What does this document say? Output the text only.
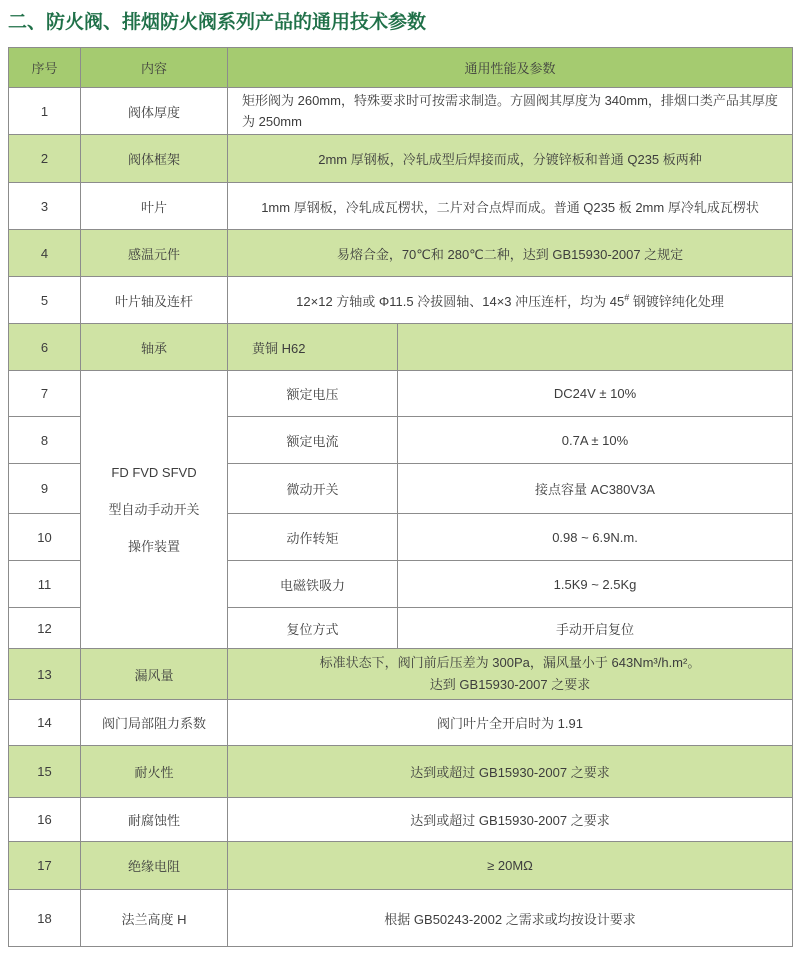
二、防火阀、排烟防火阀系列产品的通用技术参数
序号	内容	通用性能及参数	
1	阀体厚度	矩形阀为 260mm，特殊要求时可按需求制造。方圆阀其厚度为 340mm，排烟口类产品其厚度为 250mm	
2	阀体框架	2mm 厚钢板，冷轧成型后焊接而成，分镀锌板和普通 Q235 板两种	
3	叶片	1mm 厚钢板，冷轧成瓦楞状，二片对合点焊而成。普通 Q235 板 2mm 厚冷轧成瓦楞状	
4	感温元件	易熔合金，70℃和 280℃二种，达到 GB15930-2007 之规定	
5	叶片轴及连杆	12×12 方轴或 Φ11.5 冷拔圆轴、14×3 冲压连杆，均为 45# 钢镀锌纯化处理	
6	轴承	黄铜 H62	
7	FD FVD SFVD
型自动手动开关
操作装置	额定电压	DC24V ± 10%
8		额定电流	0.7A ± 10%
9		微动开关	接点容量 AC380V3A
10		动作转矩	0.98 ~ 6.9N.m.
11		电磁铁吸力	1.5K9 ~ 2.5Kg
12		复位方式	手动开启复位
13	漏风量	标准状态下，阀门前后压差为 300Pa，漏风量小于 643Nm³/h.m²。
达到 GB15930-2007 之要求	

14	阀门局部阻力系数	阀门叶片全开启时为 1.91	
15	耐火性	达到或超过 GB15930-2007 之要求	
16	耐腐蚀性	达到或超过 GB15930-2007 之要求	
17	绝缘电阻	≥ 20MΩ	
18	法兰高度 H	根据 GB50243-2002 之需求或均按设计要求	
